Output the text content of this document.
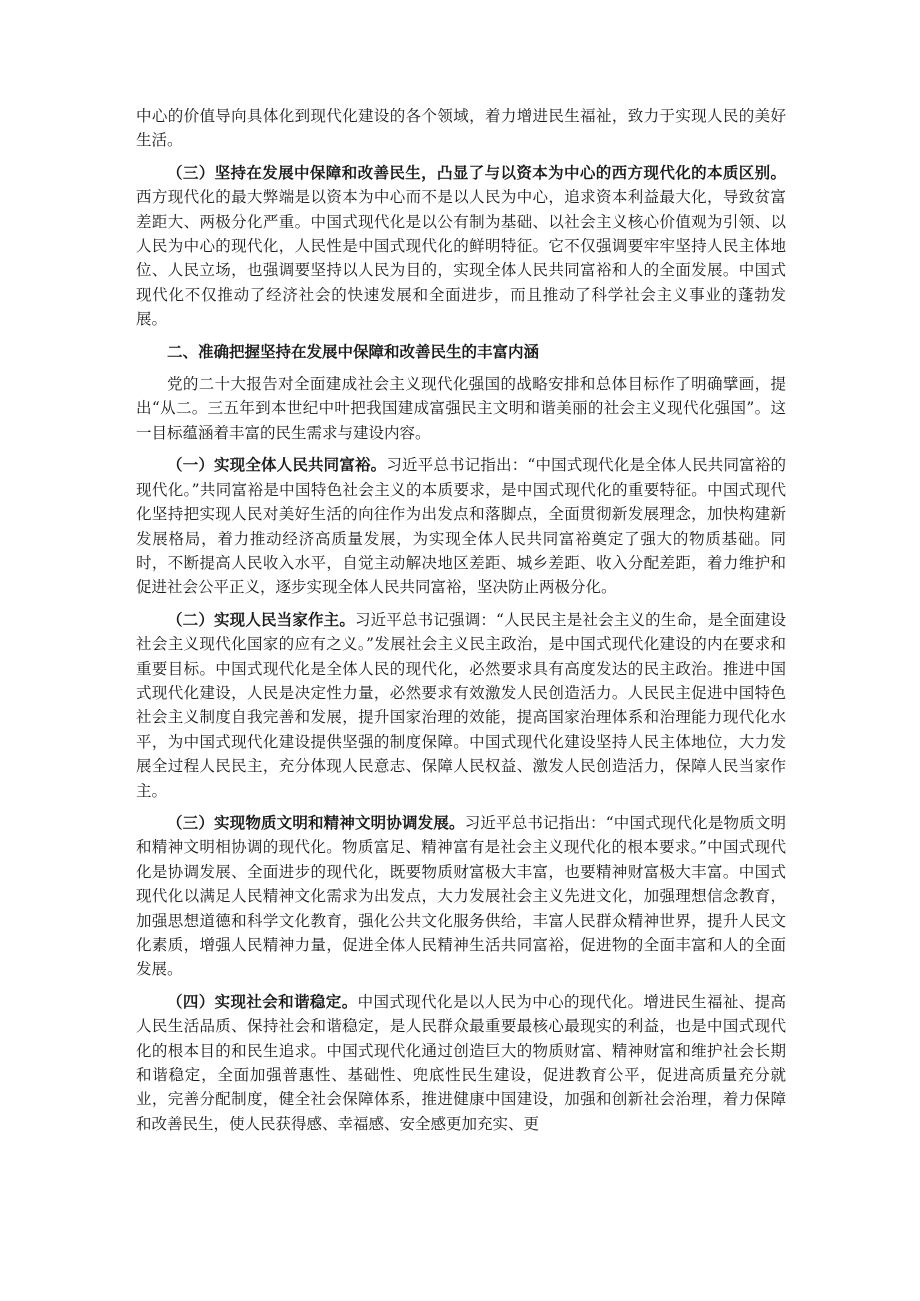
中心的价值导向具体化到现代化建设的各个领域，着力增进民生福祉，致力于实现人民的美好生活。

（三）坚持在发展中保障和改善民生，凸显了与以资本为中心的西方现代化的本质区别。西方现代化的最大弊端是以资本为中心而不是以人民为中心，追求资本利益最大化，导致贫富差距大、两极分化严重。中国式现代化是以公有制为基础、以社会主义核心价值观为引领、以人民为中心的现代化，人民性是中国式现代化的鲜明特征。它不仅强调要牢牢坚持人民主体地位、人民立场，也强调要坚持以人民为目的，实现全体人民共同富裕和人的全面发展。中国式现代化不仅推动了经济社会的快速发展和全面进步，而且推动了科学社会主义事业的蓬勃发展。

二、准确把握坚持在发展中保障和改善民生的丰富内涵

党的二十大报告对全面建成社会主义现代化强国的战略安排和总体目标作了明确擘画，提出“从二。三五年到本世纪中叶把我国建成富强民主文明和谐美丽的社会主义现代化强国”。这一目标蕴涵着丰富的民生需求与建设内容。

（一）实现全体人民共同富裕。习近平总书记指出：“中国式现代化是全体人民共同富裕的现代化。”共同富裕是中国特色社会主义的本质要求，是中国式现代化的重要特征。中国式现代化坚持把实现人民对美好生活的向往作为出发点和落脚点，全面贯彻新发展理念，加快构建新发展格局，着力推动经济高质量发展，为实现全体人民共同富裕奠定了强大的物质基础。同时，不断提高人民收入水平，自觉主动解决地区差距、城乡差距、收入分配差距，着力维护和促进社会公平正义，逐步实现全体人民共同富裕，坚决防止两极分化。

（二）实现人民当家作主。习近平总书记强调：“人民民主是社会主义的生命，是全面建设社会主义现代化国家的应有之义。”发展社会主义民主政治，是中国式现代化建设的内在要求和重要目标。中国式现代化是全体人民的现代化，必然要求具有高度发达的民主政治。推进中国式现代化建设，人民是决定性力量，必然要求有效激发人民创造活力。人民民主促进中国特色社会主义制度自我完善和发展，提升国家治理的效能，提高国家治理体系和治理能力现代化水平，为中国式现代化建设提供坚强的制度保障。中国式现代化建设坚持人民主体地位，大力发展全过程人民民主，充分体现人民意志、保障人民权益、激发人民创造活力，保障人民当家作主。

（三）实现物质文明和精神文明协调发展。习近平总书记指出：“中国式现代化是物质文明和精神文明相协调的现代化。物质富足、精神富有是社会主义现代化的根本要求。”中国式现代化是协调发展、全面进步的现代化，既要物质财富极大丰富，也要精神财富极大丰富。中国式现代化以满足人民精神文化需求为出发点，大力发展社会主义先进文化，加强理想信念教育，加强思想道德和科学文化教育，强化公共文化服务供给，丰富人民群众精神世界，提升人民文化素质，增强人民精神力量，促进全体人民精神生活共同富裕，促进物的全面丰富和人的全面发展。

（四）实现社会和谐稳定。中国式现代化是以人民为中心的现代化。增进民生福祉、提高人民生活品质、保持社会和谐稳定，是人民群众最重要最核心最现实的利益，也是中国式现代化的根本目的和民生追求。中国式现代化通过创造巨大的物质财富、精神财富和维护社会长期和谐稳定，全面加强普惠性、基础性、兜底性民生建设，促进教育公平，促进高质量充分就业，完善分配制度，健全社会保障体系，推进健康中国建设，加强和创新社会治理，着力保障和改善民生，使人民获得感、幸福感、安全感更加充实、更
